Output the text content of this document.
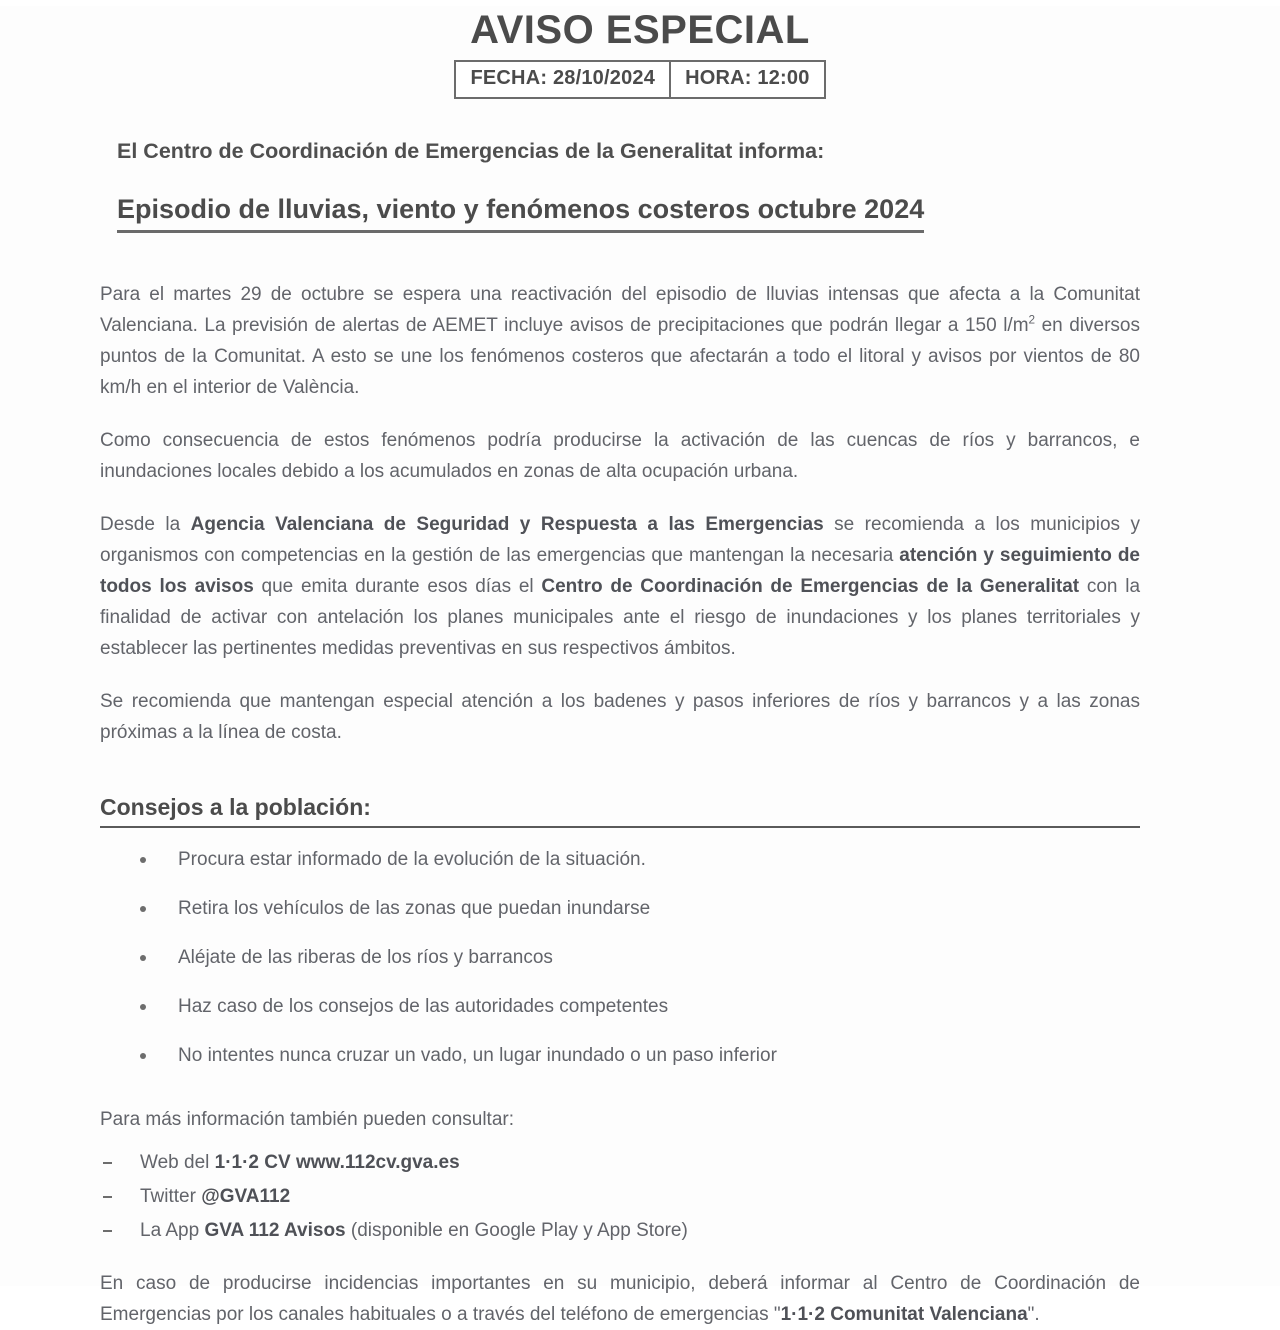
AVISO ESPECIAL
FECHA: 28/10/2024	HORA: 12:00
El Centro de Coordinación de Emergencias de la Generalitat informa:
Episodio de lluvias, viento y fenómenos costeros octubre 2024

Para el martes 29 de octubre se espera una reactivación del episodio de lluvias intensas que afecta a la Comunitat Valenciana. La previsión de alertas de AEMET incluye avisos de precipitaciones que podrán llegar a 150 $l/m^2$ en diversos puntos de la Comunitat. A esto se une los fenómenos costeros que afectarán a todo el litoral y avisos por vientos de 80 km/h en el interior de València.

Como consecuencia de estos fenómenos podría producirse la activación de las cuencas de ríos y barrancos, e inundaciones locales debido a los acumulados en zonas de alta ocupación urbana.

Desde la Agencia Valenciana de Seguridad y Respuesta a las Emergencias se recomienda a los municipios y organismos con competencias en la gestión de las emergencias que mantengan la necesaria atención y seguimiento de todos los avisos que emita durante esos días el Centro de Coordinación de Emergencias de la Generalitat con la finalidad de activar con antelación los planes municipales ante el riesgo de inundaciones y los planes territoriales y establecer las pertinentes medidas preventivas en sus respectivos ámbitos.

Se recomienda que mantengan especial atención a los badenes y pasos inferiores de ríos y barrancos y a las zonas próximas a la línea de costa.

Consejos a la población:
Procura estar informado de la evolución de la situación.
Retira los vehículos de las zonas que puedan inundarse
Aléjate de las riberas de los ríos y barrancos
Haz caso de los consejos de las autoridades competentes
No intentes nunca cruzar un vado, un lugar inundado o un paso inferior
Para más información también pueden consultar:
Web del 1·1·2 CV www.112cv.gva.es
Twitter @GVA112
La App GVA 112 Avisos (disponible en Google Play y App Store)
En caso de producirse incidencias importantes en su municipio, deberá informar al Centro de Coordinación de Emergencias por los canales habituales o a través del teléfono de emergencias "1·1·2 Comunitat Valenciana".
